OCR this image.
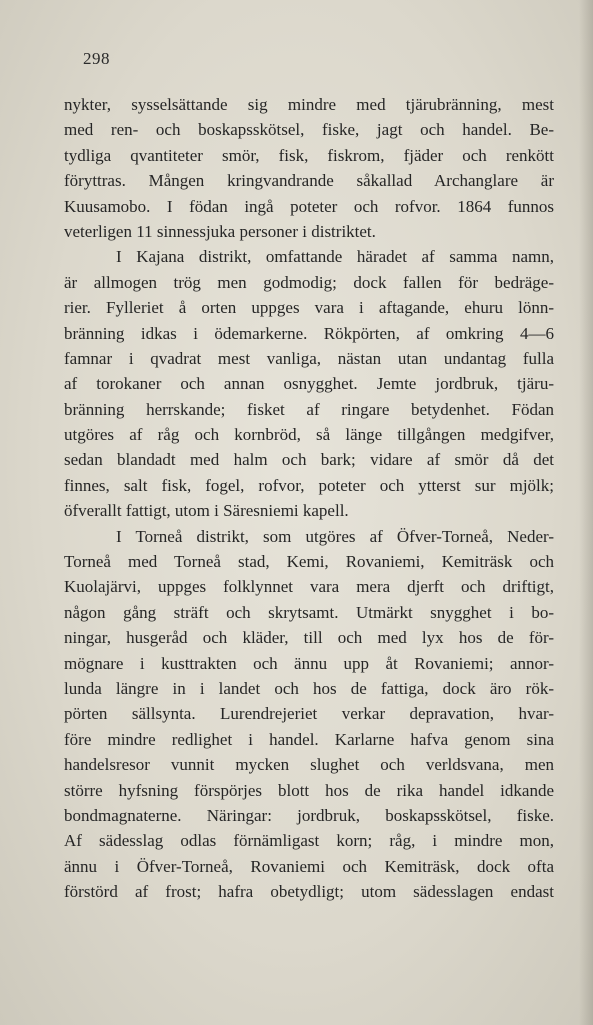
298
nykter, sysselsättande sig mindre med tjärubränning, mest
med ren- och boskapsskötsel, fiske, jagt och handel. Be-
tydliga qvantiteter smör, fisk, fiskrom, fjäder och renkött
föryttras. Mången kringvandrande såkallad Archanglare är
Kuusamobo. I födan ingå poteter och rofvor. 1864 funnos
veterligen 11 sinnessjuka personer i distriktet.
I Kajana distrikt, omfattande häradet af samma namn,
är allmogen trög men godmodig; dock fallen för bedräge-
rier. Fylleriet å orten uppges vara i aftagande, ehuru lönn-
bränning idkas i ödemarkerne. Rökpörten, af omkring 4—6
famnar i qvadrat mest vanliga, nästan utan undantag fulla
af torokaner och annan osnygghet. Jemte jordbruk, tjäru-
bränning herrskande; fisket af ringare betydenhet. Födan
utgöres af råg och kornbröd, så länge tillgången medgifver,
sedan blandadt med halm och bark; vidare af smör då det
finnes, salt fisk, fogel, rofvor, poteter och ytterst sur mjölk;
öfverallt fattigt, utom i Säresniemi kapell.
I Torneå distrikt, som utgöres af Öfver-Torneå, Neder-
Torneå med Torneå stad, Kemi, Rovaniemi, Kemiträsk och
Kuolajärvi, uppges folklynnet vara mera djerft och driftigt,
någon gång sträft och skrytsamt. Utmärkt snygghet i bo-
ningar, husgeråd och kläder, till och med lyx hos de för-
mögnare i kusttrakten och ännu upp åt Rovaniemi; annor-
lunda längre in i landet och hos de fattiga, dock äro rök-
pörten sällsynta. Lurendrejeriet verkar depravation, hvar-
före mindre redlighet i handel. Karlarne hafva genom sina
handelsresor vunnit mycken slughet och verldsvana, men
större hyfsning förspörjes blott hos de rika handel idkande
bondmagnaterne. Näringar: jordbruk, boskapsskötsel, fiske.
Af sädesslag odlas förnämligast korn; råg, i mindre mon,
ännu i Öfver-Torneå, Rovaniemi och Kemiträsk, dock ofta
förstörd af frost; hafra obetydligt; utom sädesslagen endast
